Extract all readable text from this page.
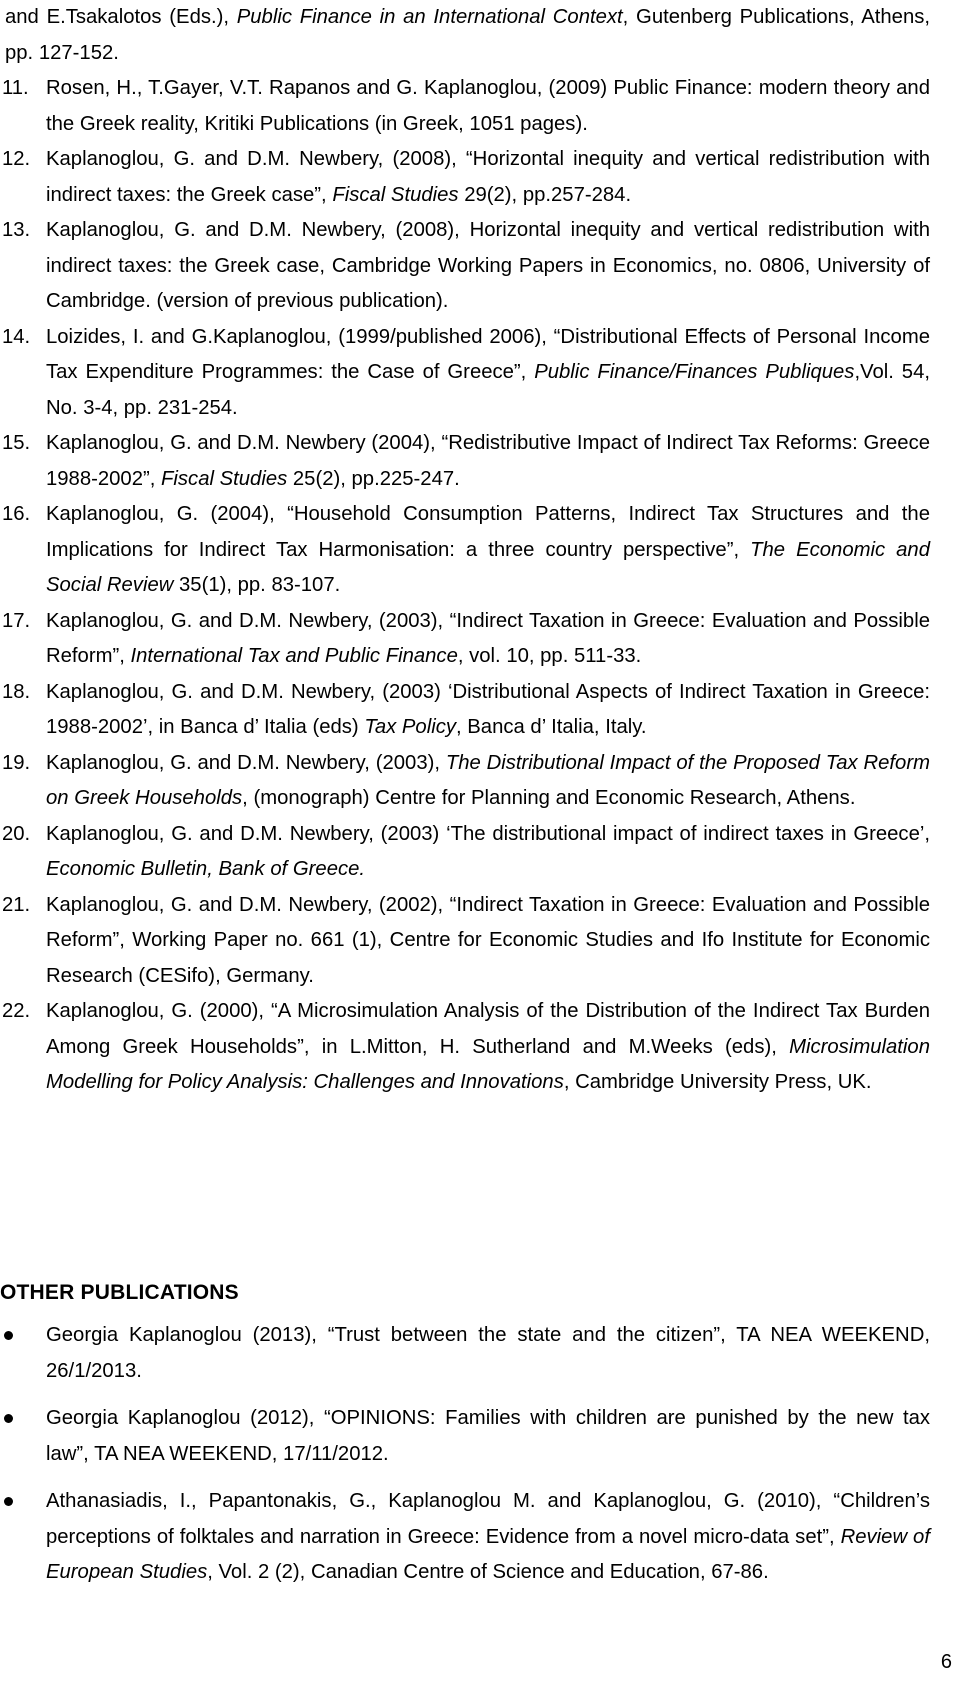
and E.Tsakalotos (Eds.), Public Finance in an International Context, Gutenberg Publications, Athens, pp. 127-152.
11. Rosen, H., T.Gayer, V.T. Rapanos and G. Kaplanoglou, (2009) Public Finance: modern theory and the Greek reality, Kritiki Publications (in Greek, 1051 pages).
12. Kaplanoglou, G. and D.M. Newbery, (2008), “Horizontal inequity and vertical redistribution with indirect taxes: the Greek case”, Fiscal Studies 29(2), pp.257-284.
13. Kaplanoglou, G. and D.M. Newbery, (2008), Horizontal inequity and vertical redistribution with indirect taxes: the Greek case, Cambridge Working Papers in Economics, no. 0806, University of Cambridge. (version of previous publication).
14. Loizides, I. and G.Kaplanoglou, (1999/published 2006), “Distributional Effects of Personal Income Tax Expenditure Programmes: the Case of Greece”, Public Finance/Finances Publiques,Vol. 54, No. 3-4, pp. 231-254.
15. Kaplanoglou, G. and D.M. Newbery (2004), “Redistributive Impact of Indirect Tax Reforms: Greece 1988-2002”, Fiscal Studies 25(2), pp.225-247.
16. Kaplanoglou, G. (2004), “Household Consumption Patterns, Indirect Tax Structures and the Implications for Indirect Tax Harmonisation: a three country perspective”, The Economic and Social Review 35(1), pp. 83-107.
17. Kaplanoglou, G. and D.M. Newbery, (2003), “Indirect Taxation in Greece: Evaluation and Possible Reform”, International Tax and Public Finance, vol. 10, pp. 511-33.
18. Kaplanoglou, G. and D.M. Newbery, (2003) ‘Distributional Aspects of Indirect Taxation in Greece: 1988-2002’, in Banca d’ Italia (eds) Tax Policy, Banca d’ Italia, Italy.
19. Kaplanoglou, G. and D.M. Newbery, (2003), The Distributional Impact of the Proposed Tax Reform on Greek Households, (monograph) Centre for Planning and Economic Research, Athens.
20. Kaplanoglou, G. and D.M. Newbery, (2003) ‘The distributional impact of indirect taxes in Greece’, Economic Bulletin, Bank of Greece.
21. Kaplanoglou, G. and D.M. Newbery, (2002), “Indirect Taxation in Greece: Evaluation and Possible Reform”, Working Paper no. 661 (1), Centre for Economic Studies and Ifo Institute for Economic Research (CESifo), Germany.
22. Kaplanoglou, G. (2000), “A Microsimulation Analysis of the Distribution of the Indirect Tax Burden Among Greek Households”, in L.Mitton, H. Sutherland and M.Weeks (eds), Microsimulation Modelling for Policy Analysis: Challenges and Innovations, Cambridge University Press, UK.
OTHER PUBLICATIONS
Georgia Kaplanoglou (2013), “Trust between the state and the citizen”, TA NEA WEEKEND, 26/1/2013.
Georgia Kaplanoglou (2012), “OPINIONS: Families with children are punished by the new tax law”, TA NEA WEEKEND, 17/11/2012.
Athanasiadis, I., Papantonakis, G., Kaplanoglou M. and Kaplanoglou, G. (2010), “Children’s perceptions of folktales and narration in Greece: Evidence from a novel micro-data set”, Review of European Studies, Vol. 2 (2), Canadian Centre of Science and Education, 67-86.
6
